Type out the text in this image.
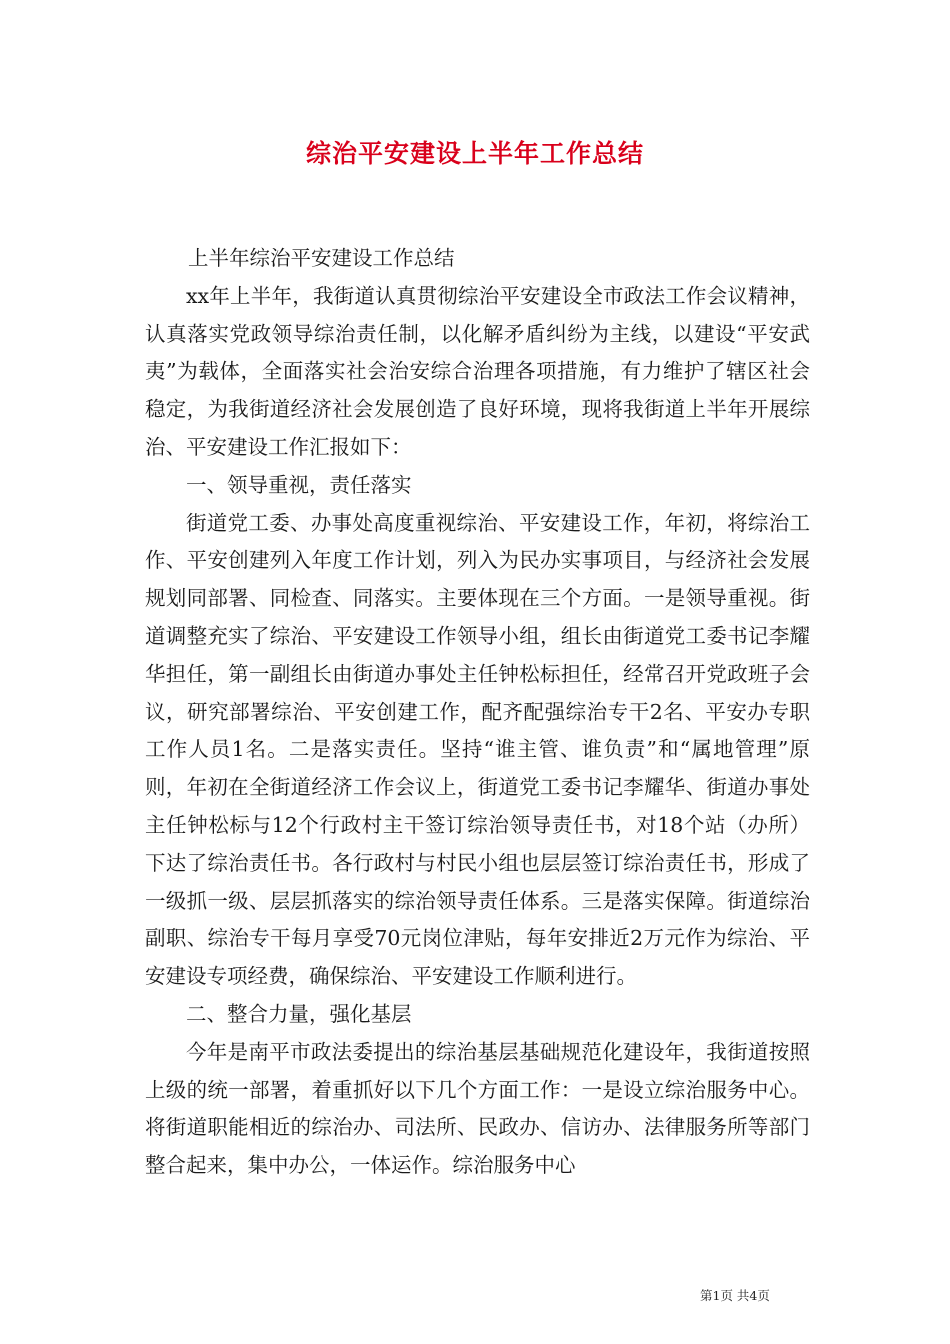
综治平安建设上半年工作总结

上半年综治平安建设工作总结

xx年上半年，我街道认真贯彻综治平安建设全市政法工作会议精神，认真落实党政领导综治责任制，以化解矛盾纠纷为主线，以建设“平安武夷”为载体，全面落实社会治安综合治理各项措施，有力维护了辖区社会稳定，为我街道经济社会发展创造了良好环境，现将我街道上半年开展综治、平安建设工作汇报如下：

一、领导重视，责任落实

街道党工委、办事处高度重视综治、平安建设工作，年初，将综治工作、平安创建列入年度工作计划，列入为民办实事项目，与经济社会发展规划同部署、同检查、同落实。主要体现在三个方面。一是领导重视。街道调整充实了综治、平安建设工作领导小组，组长由街道党工委书记李耀华担任，第一副组长由街道办事处主任钟松标担任，经常召开党政班子会议，研究部署综治、平安创建工作，配齐配强综治专干2名、平安办专职工作人员1名。二是落实责任。坚持“谁主管、谁负责”和“属地管理”原则，年初在全街道经济工作会议上，街道党工委书记李耀华、街道办事处主任钟松标与12个行政村主干签订综治领导责任书，对18个站（办所）下达了综治责任书。各行政村与村民小组也层层签订综治责任书，形成了一级抓一级、层层抓落实的综治领导责任体系。三是落实保障。街道综治副职、综治专干每月享受70元岗位津贴，每年安排近2万元作为综治、平安建设专项经费，确保综治、平安建设工作顺利进行。

二、整合力量，强化基层

今年是南平市政法委提出的综治基层基础规范化建设年，我街道按照上级的统一部署，着重抓好以下几个方面工作：一是设立综治服务中心。将街道职能相近的综治办、司法所、民政办、信访办、法律服务所等部门整合起来，集中办公，一体运作。综治服务中心

第1页 共4页
